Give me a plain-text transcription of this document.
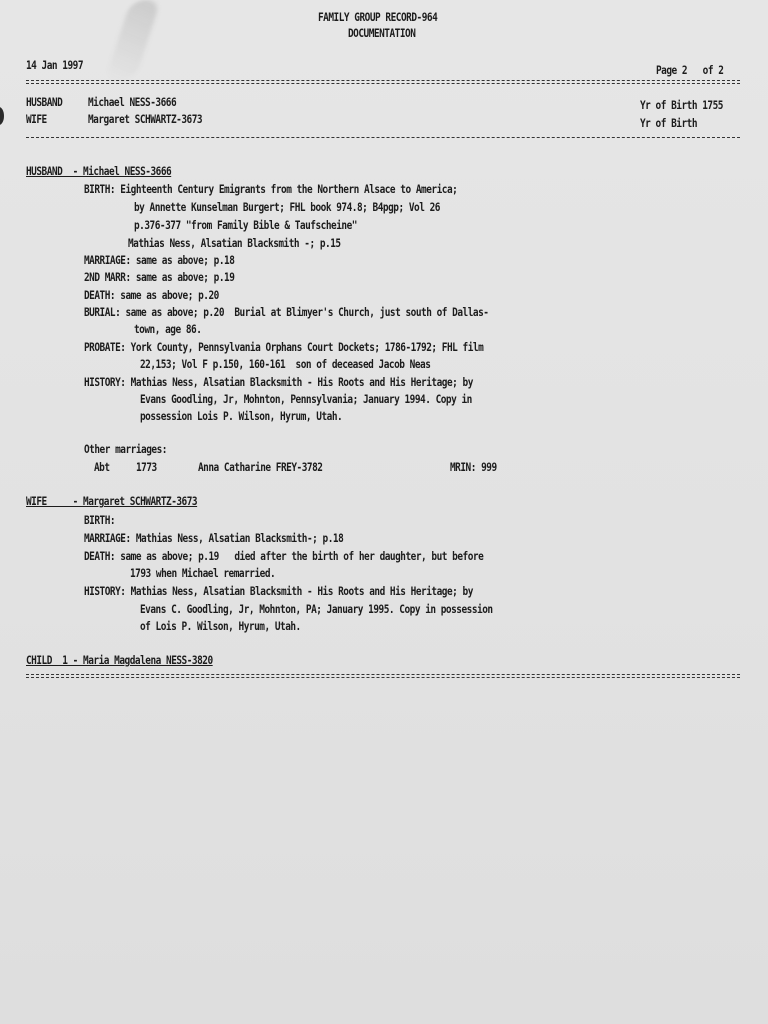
FAMILY GROUP RECORD-964
DOCUMENTATION
14 Jan 1997	Page 2   of 2
HUSBAND Michael NESS-3666	Yr of Birth 1755
WIFE	Margaret SCHWARTZ-3673	Yr of Birth
HUSBAND  - Michael NESS-3666
BIRTH: Eighteenth Century Emigrants from the Northern Alsace to America;
by Annette Kunselman Burgert; FHL book 974.8; B4pgp; Vol 26
p.376-377 "from Family Bible & Taufscheine"
Mathias Ness, Alsatian Blacksmith -; p.15
MARRIAGE: same as above; p.18
2ND MARR: same as above; p.19
DEATH: same as above; p.20
BURIAL: same as above; p.20  Burial at Blimyer's Church, just south of Dallas-
town, age 86.
PROBATE: York County, Pennsylvania Orphans Court Dockets; 1786-1792; FHL film
22,153; Vol F p.150, 160-161  son of deceased Jacob Neas
HISTORY: Mathias Ness, Alsatian Blacksmith - His Roots and His Heritage; by
Evans Goodling, Jr, Mohnton, Pennsylvania; January 1994. Copy in
possession Lois P. Wilson, Hyrum, Utah.
Other marriages:
Abt 1773	Anna Catharine FREY-3782	MRIN: 999
WIFE     - Margaret SCHWARTZ-3673
BIRTH:
MARRIAGE: Mathias Ness, Alsatian Blacksmith-; p.18
DEATH: same as above; p.19   died after the birth of her daughter, but before
1793 when Michael remarried.
HISTORY: Mathias Ness, Alsatian Blacksmith - His Roots and His Heritage; by
Evans C. Goodling, Jr, Mohnton, PA; January 1995. Copy in possession
of Lois P. Wilson, Hyrum, Utah.
CHILD  1 - Maria Magdalena NESS-3820
